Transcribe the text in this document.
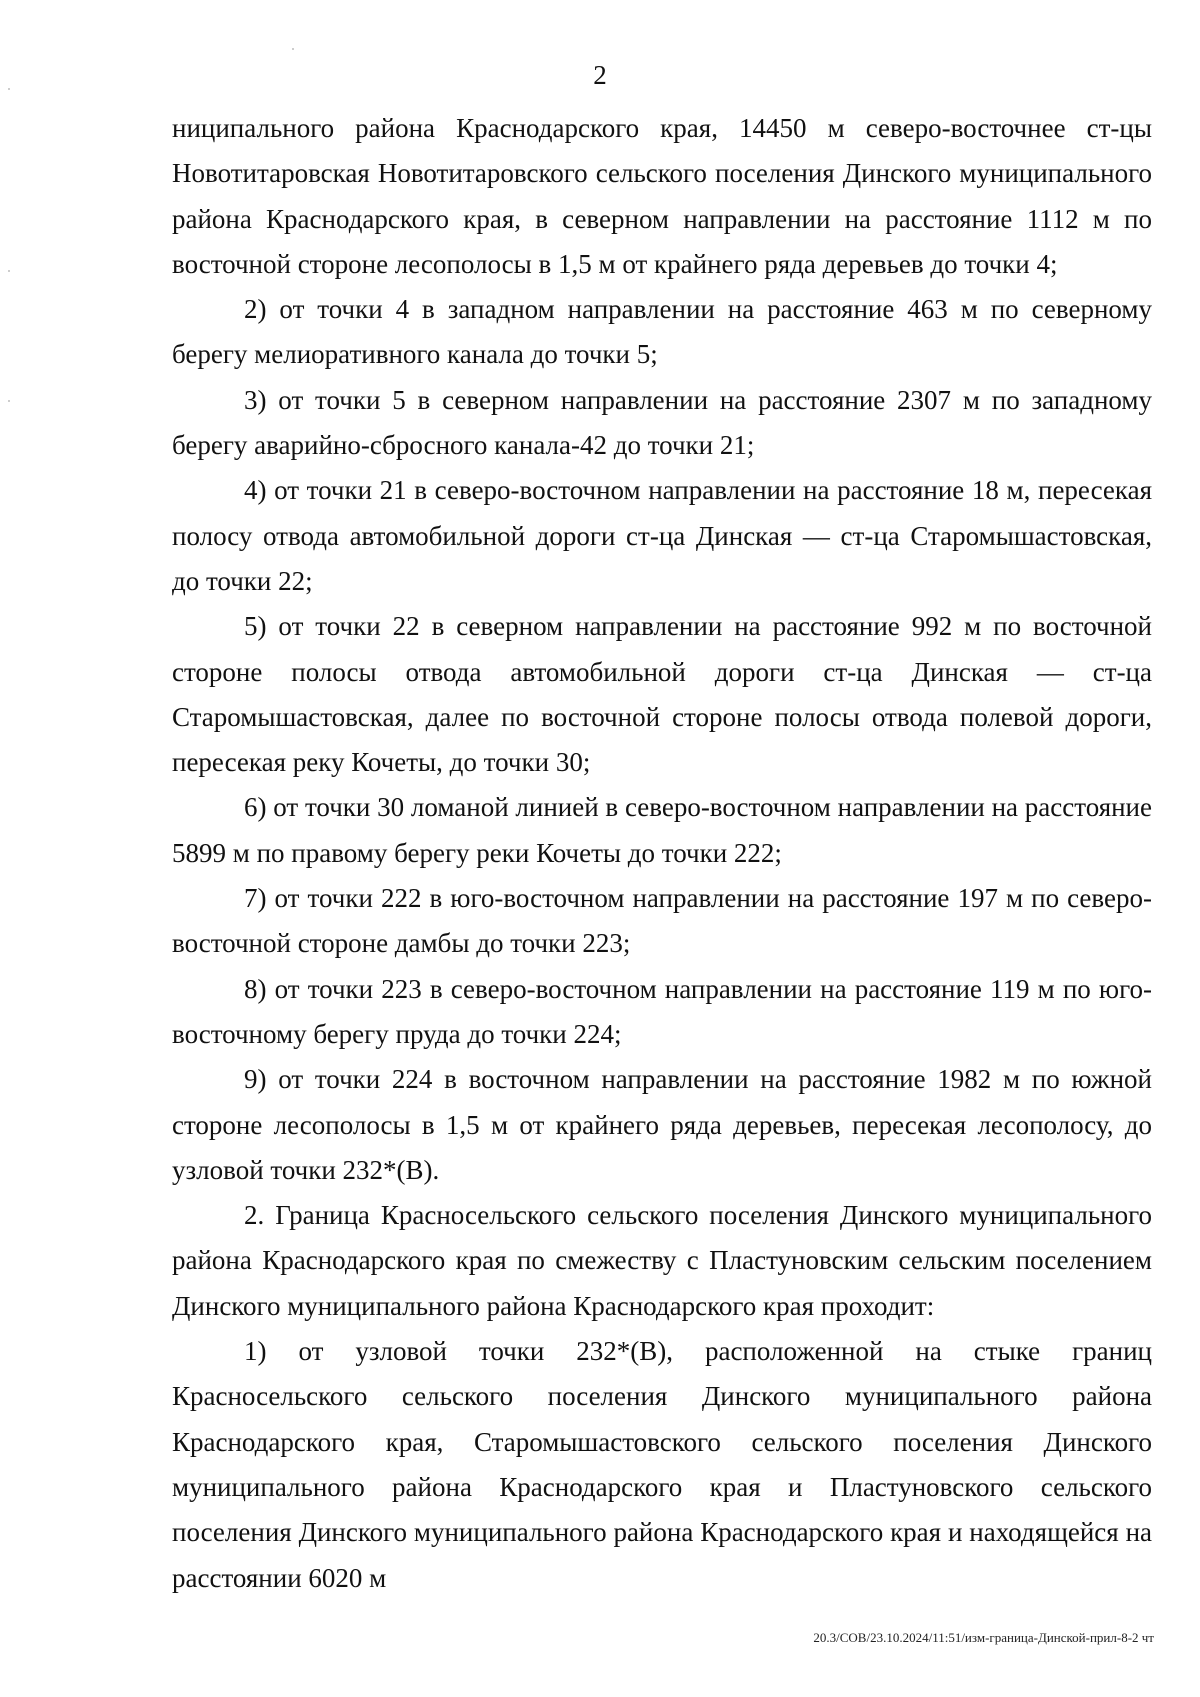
2

ниципального района Краснодарского края, 14450 м северо-восточнее ст-цы Новотитаровская Новотитаровского сельского поселения Динского муниципального района Краснодарского края, в северном направлении на расстояние 1112 м по восточной стороне лесополосы в 1,5 м от крайнего ряда деревьев до точки 4;

2) от точки 4 в западном направлении на расстояние 463 м по северному берегу мелиоративного канала до точки 5;

3) от точки 5 в северном направлении на расстояние 2307 м по западному берегу аварийно-сбросного канала-42 до точки 21;

4) от точки 21 в северо-восточном направлении на расстояние 18 м, пересекая полосу отвода автомобильной дороги ст-ца Динская — ст-ца Старомышастовская, до точки 22;

5) от точки 22 в северном направлении на расстояние 992 м по восточной стороне полосы отвода автомобильной дороги ст-ца Динская — ст-ца Старомышастовская, далее по восточной стороне полосы отвода полевой дороги, пересекая реку Кочеты, до точки 30;

6) от точки 30 ломаной линией в северо-восточном направлении на расстояние 5899 м по правому берегу реки Кочеты до точки 222;

7) от точки 222 в юго-восточном направлении на расстояние 197 м по северо-восточной стороне дамбы до точки 223;

8) от точки 223 в северо-восточном направлении на расстояние 119 м по юго-восточному берегу пруда до точки 224;

9) от точки 224 в восточном направлении на расстояние 1982 м по южной стороне лесополосы в 1,5 м от крайнего ряда деревьев, пересекая лесополосу, до узловой точки 232*(В).

2. Граница Красносельского сельского поселения Динского муниципального района Краснодарского края по смежеству с Пластуновским сельским поселением Динского муниципального района Краснодарского края проходит:

1) от узловой точки 232*(В), расположенной на стыке границ Красносельского сельского поселения Динского муниципального района Краснодарского края, Старомышастовского сельского поселения Динского муниципального района Краснодарского края и Пластуновского сельского поселения Динского муниципального района Краснодарского края и находящейся на расстоянии 6020 м

20.3/СОВ/23.10.2024/11:51/изм-граница-Динской-прил-8-2 чт
